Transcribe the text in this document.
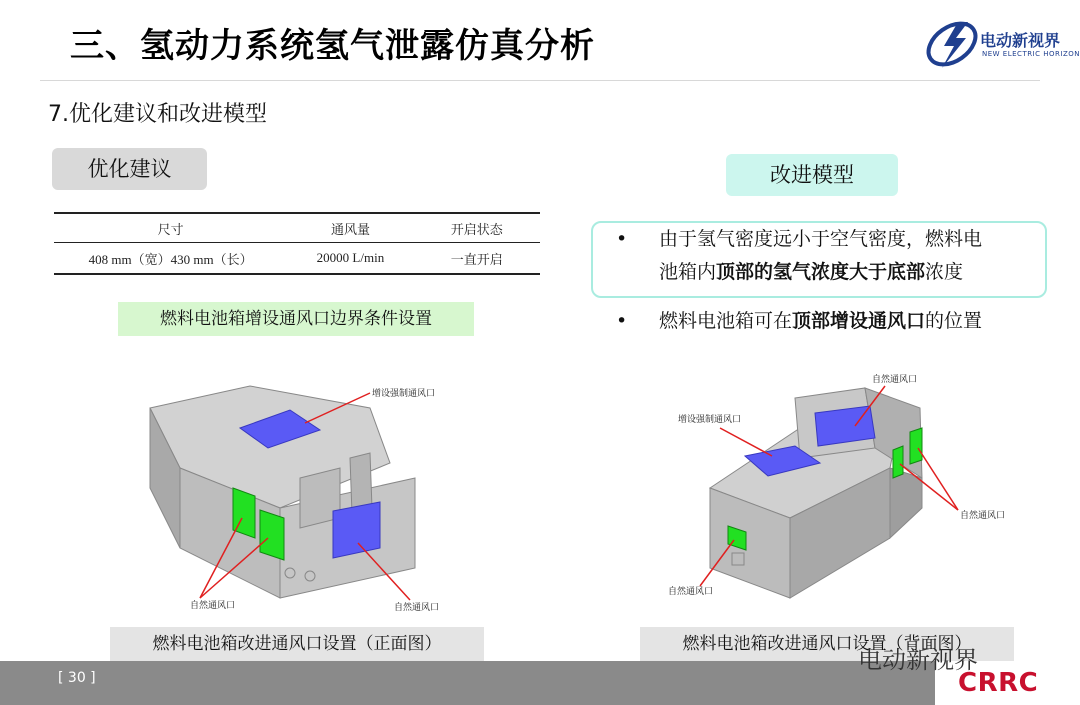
三、氢动力系统氢气泄露仿真分析	电动新视界
NEW ELECTRIC HORIZON
7.优化建议和改进模型
优化建议
尺寸	通风量	开启状态
408 mm（宽）430 mm（长）	20000 L/min	一直开启
燃料电池箱增设通风口边界条件设置
增设强制通风口
自然通风口	自然通风口
燃料电池箱改进通风口设置（正面图）
改进模型
• 由于氢气密度远小于空气密度，燃料电
池箱内顶部的氢气浓度大于底部浓度
• 燃料电池箱可在顶部增设通风口的位置
自然通风口
增设强制通风口
自然通风口
自然通风口
燃料电池箱改进通风口设置（背面图）
[ 30 ]
电动新视界
CRRC
